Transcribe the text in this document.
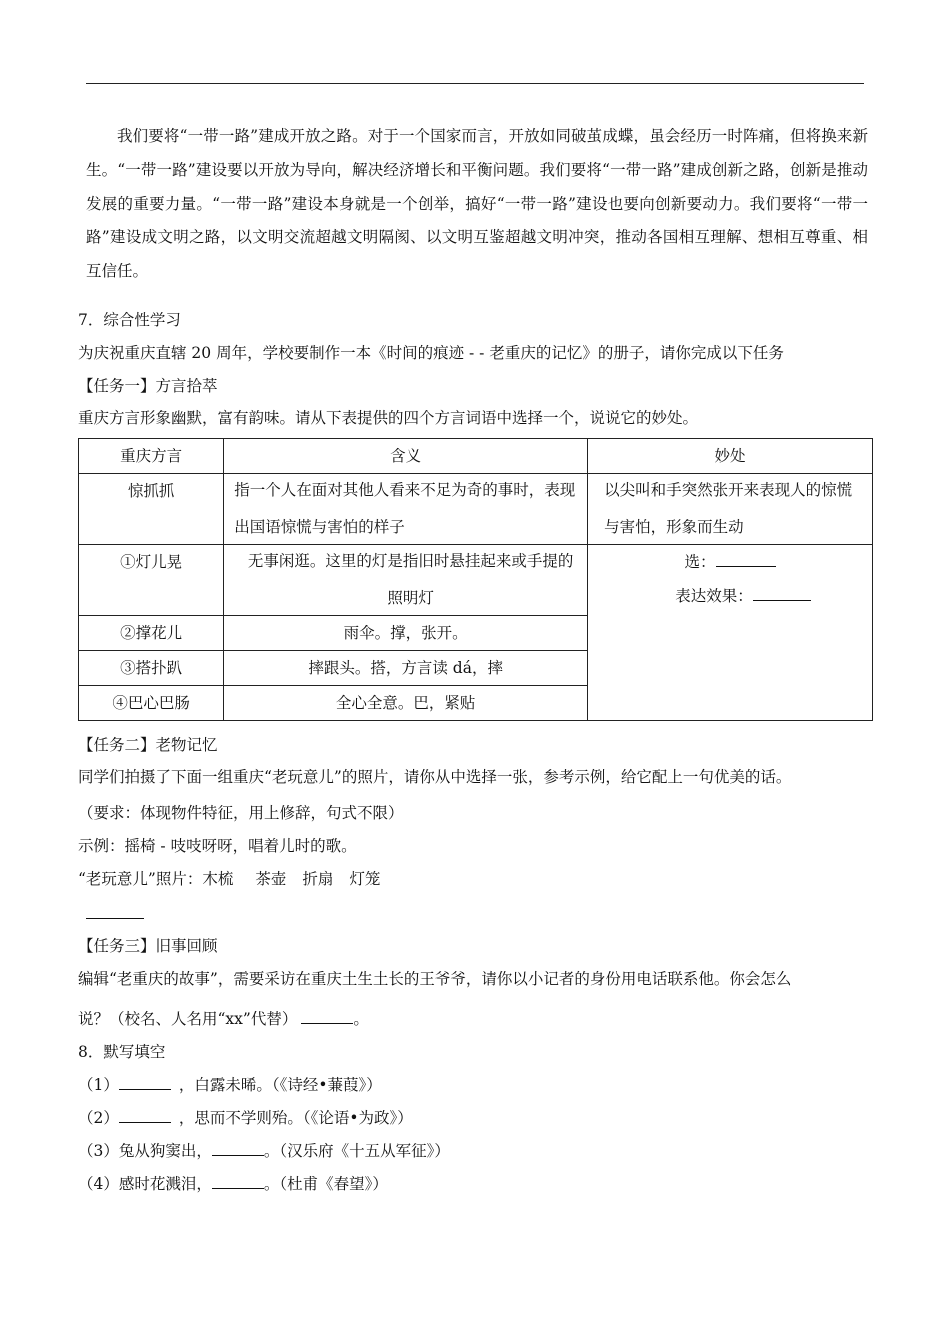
我们要将“一带一路”建成开放之路。对于一个国家而言，开放如同破茧成蝶，虽会经历一时阵痛，但将换来新生。“一带一路”建设要以开放为导向，解决经济增长和平衡问题。我们要将“一带一路”建成创新之路，创新是推动发展的重要力量。“一带一路”建设本身就是一个创举，搞好“一带一路”建设也要向创新要动力。我们要将“一带一路”建设成文明之路，以文明交流超越文明隔阂、以文明互鉴超越文明冲突，推动各国相互理解、想相互尊重、相互信任。
7．综合性学习
为庆祝重庆直辖 20 周年，学校要制作一本《时间的痕迹 - - 老重庆的记忆》的册子，请你完成以下任务
【任务一】方言拾萃
重庆方言形象幽默，富有韵味。请从下表提供的四个方言词语中选择一个，说说它的妙处。
重庆方言	含义	妙处
惊抓抓	指一个人在面对其他人看来不足为奇的事时，表现出国语惊慌与害怕的样子	以尖叫和手突然张开来表现人的惊慌与害怕，形象而生动

①灯儿晃	无事闲逛。这里的灯是指旧时悬挂起来或手提的照明灯	选：
表达效果：

②撑花儿	雨伞。撑，张开。	
③搭扑趴	摔跟头。搭，方言读 dá，摔	
④巴心巴肠	全心全意。巴，紧贴	
【任务二】老物记忆
同学们拍摄了下面一组重庆“老玩意儿”的照片，请你从中选择一张，参考示例，给它配上一句优美的话。
（要求：体现物件特征，用上修辞，句式不限）
示例：摇椅 - 吱吱呀呀，唱着儿时的歌。
“老玩意儿”照片：木梳 茶壶 折扇 灯笼
【任务三】旧事回顾
编辑“老重庆的故事”，需要采访在重庆土生土长的王爷爷，请你以小记者的身份用电话联系他。你会怎么
说？（校名、人名用“xx”代替）	。
8．默写填空
（1）	，白露未晞。（《诗经•蒹葭》）
（2）	，思而不学则殆。（《论语•为政》）
（3）兔从狗窦出，	。（汉乐府《十五从军征》）
（4）感时花溅泪，	。（杜甫《春望》）
